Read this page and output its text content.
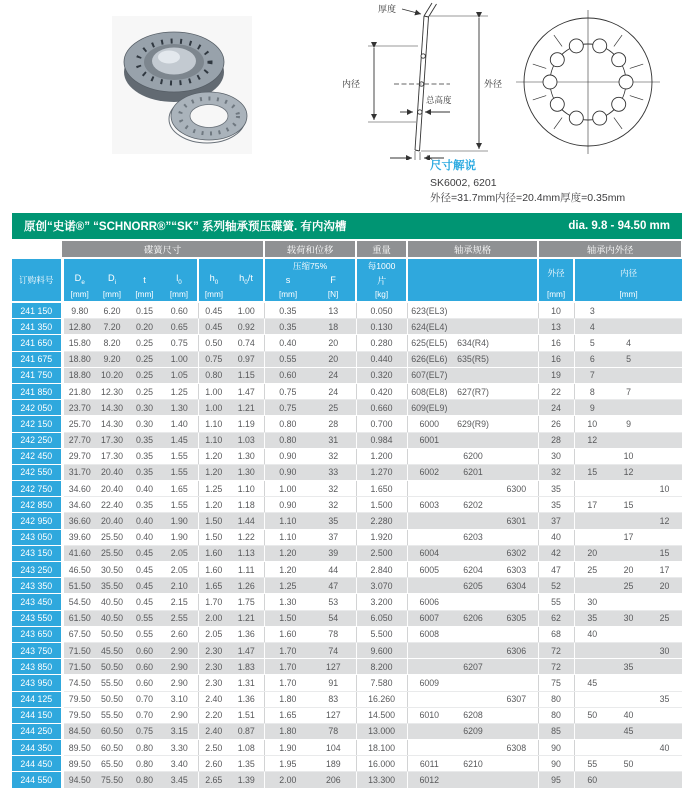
厚度
内径	外径
总高度
l₀
尺寸解说
SK6002, 6201
外径=31.7mm内径=20.4mm厚度=0.35mm
原创“史诺®” “SCHNORR®”“SK” 系列轴承预压碟簧. 有内沟槽	dia. 9.8 - 94.50 mm
	碟簧尺寸						载荷和位移		重量	轴承规格			轴承内外径			
订购料号							压缩75%		每1000				外径	内径		
	$D_e$	$D_i$	t	$l_0$	$h_0$	$h_0/t$	s	F	片							
	[mm]	[mm]	[mm]	[mm]	[mm]		[mm]	[N]	[kg]				[mm]	[mm]		
241 150	9.80	6.20	0.15	0.60	0.45	1.00	0.35	13	0.050	623(EL3)			10	3		
241 350	12.80	7.20	0.20	0.65	0.45	0.92	0.35	18	0.130	624(EL4)			13	4		
241 650	15.80	8.20	0.25	0.75	0.50	0.74	0.40	20	0.280	625(EL5)	634(R4)		16	5	4	
241 675	18.80	9.20	0.25	1.00	0.75	0.97	0.55	20	0.440	626(EL6)	635(R5)		16	6	5	
241 750	18.80	10.20	0.25	1.05	0.80	1.15	0.60	24	0.320	607(EL7)			19	7		
241 850	21.80	12.30	0.25	1.25	1.00	1.47	0.75	24	0.420	608(EL8)	627(R7)		22	8	7	
242 050	23.70	14.30	0.30	1.30	1.00	1.21	0.75	25	0.660	609(EL9)			24	9		
242 150	25.70	14.30	0.30	1.40	1.10	1.19	0.80	28	0.700	6000	629(R9)		26	10	9	
242 250	27.70	17.30	0.35	1.45	1.10	1.03	0.80	31	0.984	6001			28	12		
242 450	29.70	17.30	0.35	1.55	1.20	1.30	0.90	32	1.200		6200		30		10	
242 550	31.70	20.40	0.35	1.55	1.20	1.30	0.90	33	1.270	6002	6201		32	15	12	
242 750	34.60	20.40	0.40	1.65	1.25	1.10	1.00	32	1.650			6300	35			10
242 850	34.60	22.40	0.35	1.55	1.20	1.18	0.90	32	1.500	6003	6202		35	17	15	
242 950	36.60	20.40	0.40	1.90	1.50	1.44	1.10	35	2.280			6301	37			12
243 050	39.60	25.50	0.40	1.90	1.50	1.22	1.10	37	1.920		6203		40		17	
243 150	41.60	25.50	0.45	2.05	1.60	1.13	1.20	39	2.500	6004		6302	42	20		15
243 250	46.50	30.50	0.45	2.05	1.60	1.11	1.20	44	2.840	6005	6204	6303	47	25	20	17
243 350	51.50	35.50	0.45	2.10	1.65	1.26	1.25	47	3.070		6205	6304	52		25	20
243 450	54.50	40.50	0.45	2.15	1.70	1.75	1.30	53	3.200	6006			55	30		
243 550	61.50	40.50	0.55	2.55	2.00	1.21	1.50	54	6.050	6007	6206	6305	62	35	30	25
243 650	67.50	50.50	0.55	2.60	2.05	1.36	1.60	78	5.500	6008			68	40		
243 750	71.50	45.50	0.60	2.90	2.30	1.47	1.70	74	9.600			6306	72			30
243 850	71.50	50.50	0.60	2.90	2.30	1.83	1.70	127	8.200		6207		72		35	
243 950	74.50	55.50	0.60	2.90	2.30	1.31	1.70	91	7.580	6009			75	45		
244 125	79.50	50.50	0.70	3.10	2.40	1.36	1.80	83	16.260			6307	80			35
244 150	79.50	55.50	0.70	2.90	2.20	1.51	1.65	127	14.500	6010	6208		80	50	40	
244 250	84.50	60.50	0.75	3.15	2.40	0.87	1.80	78	13.000		6209		85		45	
244 350	89.50	60.50	0.80	3.30	2.50	1.08	1.90	104	18.100			6308	90			40
244 450	89.50	65.50	0.80	3.40	2.60	1.35	1.95	189	16.000	6011	6210		90	55	50	
244 550	94.50	75.50	0.80	3.45	2.65	1.39	2.00	206	13.300	6012			95	60		
